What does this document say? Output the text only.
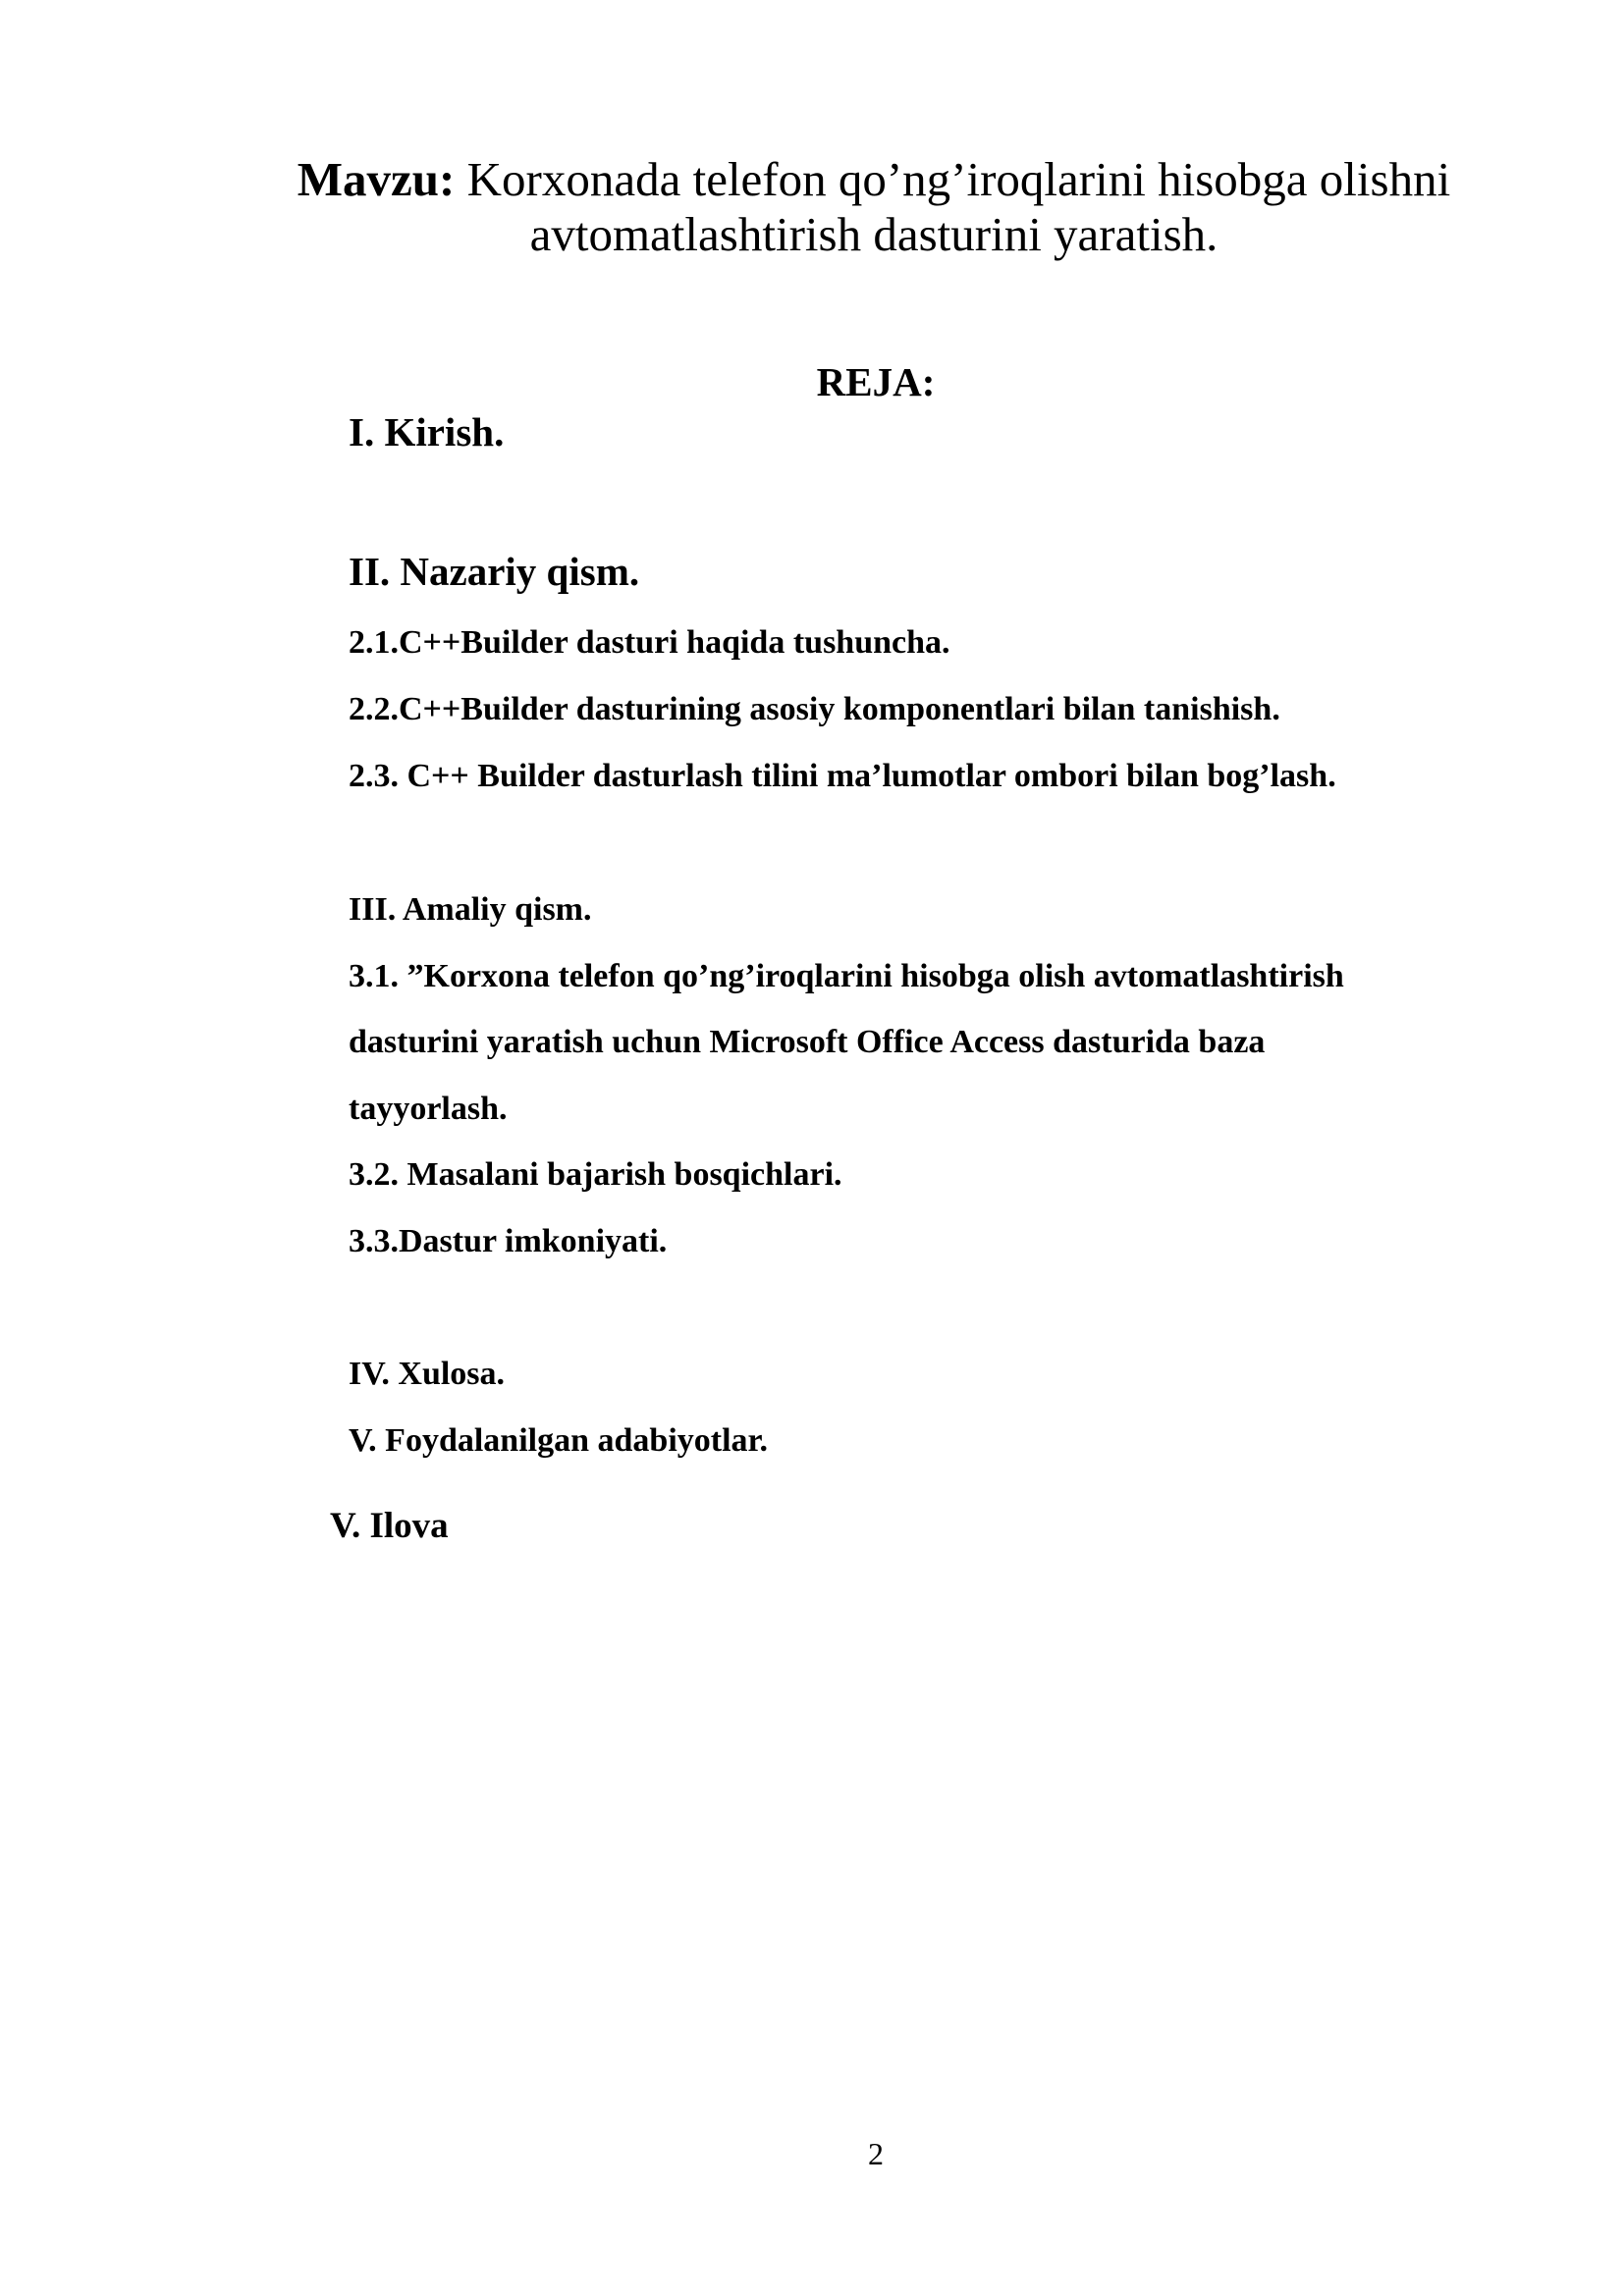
Mavzu: Korxonada telefon qo’ng’iroqlarini hisobga olishni
avtomatlashtirish dasturini yaratish.
REJA:
I. Kirish.
II. Nazariy qism.
2.1.C++Builder dasturi haqida tushuncha.
2.2.C++Builder dasturining asosiy komponentlari bilan tanishish.
2.3. C++ Builder dasturlash tilini ma’lumotlar ombori bilan bog’lash.
III. Amaliy qism.
3.1. ”Korxona telefon qo’ng’iroqlarini hisobga olish avtomatlashtirish
dasturini yaratish uchun Microsoft Office Access dasturida baza
tayyorlash.
3.2. Masalani bajarish bosqichlari.
3.3.Dastur imkoniyati.
IV. Xulosa.
V. Foydalanilgan adabiyotlar.
V. Ilova
2
